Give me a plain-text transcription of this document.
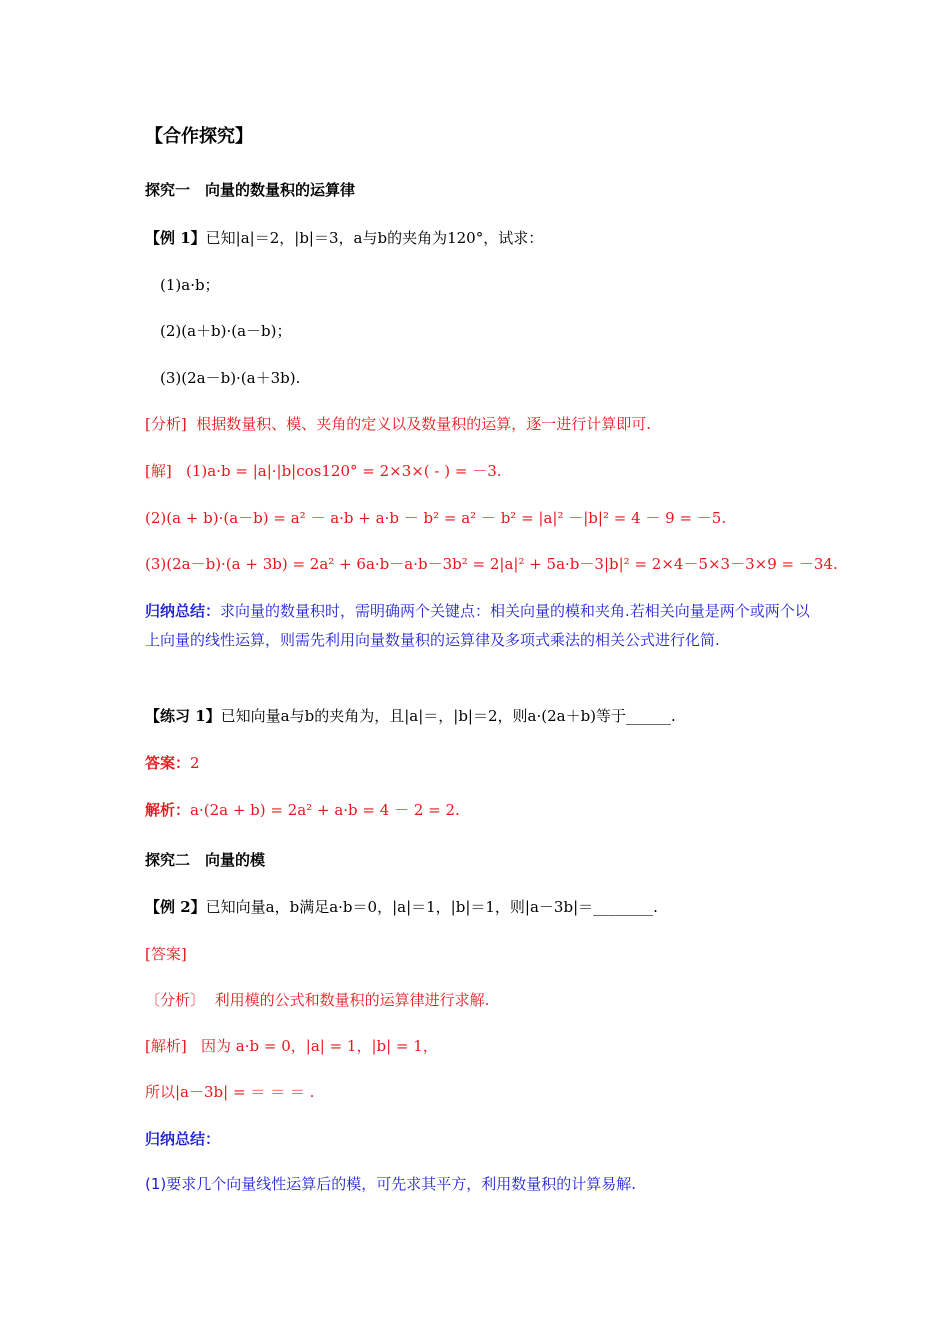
【合作探究】
探究一　向量的数量积的运算律
【例 1】已知|a|＝2，|b|＝3，a与b的夹角为120°，试求：
(1)a·b；
(2)(a＋b)·(a－b)；
(3)(2a－b)·(a＋3b).
[分析] 根据数量积、模、夹角的定义以及数量积的运算，逐一进行计算即可.
[解] (1)a·b = |a|·|b|cos120° = 2×3×( - ) = －3.
(2)(a + b)·(a－b) = a² － a·b + a·b － b² = a² － b² = |a|² －|b|² = 4 － 9 = －5.
(3)(2a－b)·(a + 3b) = 2a² + 6a·b－a·b－3b² = 2|a|² + 5a·b－3|b|² = 2×4－5×3－3×9 = －34.
归纳总结：求向量的数量积时，需明确两个关键点：相关向量的模和夹角.若相关向量是两个或两个以上向量的线性运算，则需先利用向量数量积的运算律及多项式乘法的相关公式进行化简.
【练习 1】已知向量a与b的夹角为，且|a|＝，|b|＝2，则a·(2a＋b)等于______.
答案：2
解析：a·(2a + b) = 2a² + a·b = 4 － 2 = 2.
探究二　向量的模
【例 2】已知向量a，b满足a·b＝0，|a|＝1，|b|＝1，则|a－3b|＝________.
[答案]
〔分析〕 利用模的公式和数量积的运算律进行求解.
[解析] 因为 a·b = 0，|a| = 1，|b| = 1，
所以|a－3b| = ＝ ＝ ＝ .
归纳总结：
(1)要求几个向量线性运算后的模，可先求其平方，利用数量积的计算易解.
